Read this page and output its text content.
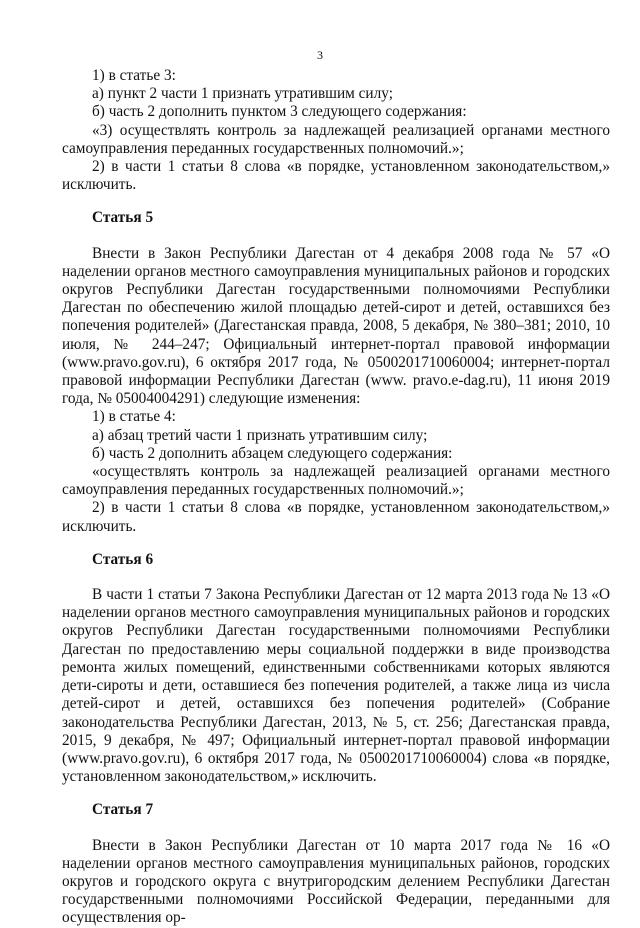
3

1) в статье 3:

а) пункт 2 части 1 признать утратившим силу;

б) часть 2 дополнить пунктом 3 следующего содержания:

«3) осуществлять контроль за надлежащей реализацией органами местного самоуправления переданных государственных полномочий.»;

2) в части 1 статьи 8 слова «в порядке, установленном законодательством,» исключить.

Статья 5

Внести в Закон Республики Дагестан от 4 декабря 2008 года № 57 «О наделении органов местного самоуправления муниципальных районов и городских округов Республики Дагестан государственными полномочиями Республики Дагестан по обеспечению жилой площадью детей-сирот и детей, оставшихся без попечения родителей» (Дагестанская правда, 2008, 5 декабря, № 380–381; 2010, 10 июля, № 244–247; Официальный интернет-портал правовой информации (www.pravo.gov.ru), 6 октября 2017 года, № 0500201710060004; интернет-портал правовой информации Республики Дагестан (www. pravo.e-dag.ru), 11 июня 2019 года, № 05004004291) следующие изменения:

1) в статье 4:

а) абзац третий части 1 признать утратившим силу;

б) часть 2 дополнить абзацем следующего содержания:

«осуществлять контроль за надлежащей реализацией органами местного самоуправления переданных государственных полномочий.»;

2) в части 1 статьи 8 слова «в порядке, установленном законодательством,» исключить.

Статья 6

В части 1 статьи 7 Закона Республики Дагестан от 12 марта 2013 года № 13 «О наделении органов местного самоуправления муниципальных районов и городских округов Республики Дагестан государственными полномочиями Республики Дагестан по предоставлению меры социальной поддержки в виде производства ремонта жилых помещений, единственными собственниками которых являются дети-сироты и дети, оставшиеся без попечения родителей, а также лица из числа детей-сирот и детей, оставшихся без попечения родителей» (Собрание законодательства Республики Дагестан, 2013, № 5, ст. 256; Дагестанская правда, 2015, 9 декабря, № 497; Официальный интернет-портал правовой информации (www.pravo.gov.ru), 6 октября 2017 года, № 0500201710060004) слова «в порядке, установленном законодательством,» исключить.

Статья 7

Внести в Закон Республики Дагестан от 10 марта 2017 года № 16 «О наделении органов местного самоуправления муниципальных районов, городских округов и городского округа с внутригородским делением Республики Дагестан государственными полномочиями Российской Федерации, переданными для осуществления ор-
